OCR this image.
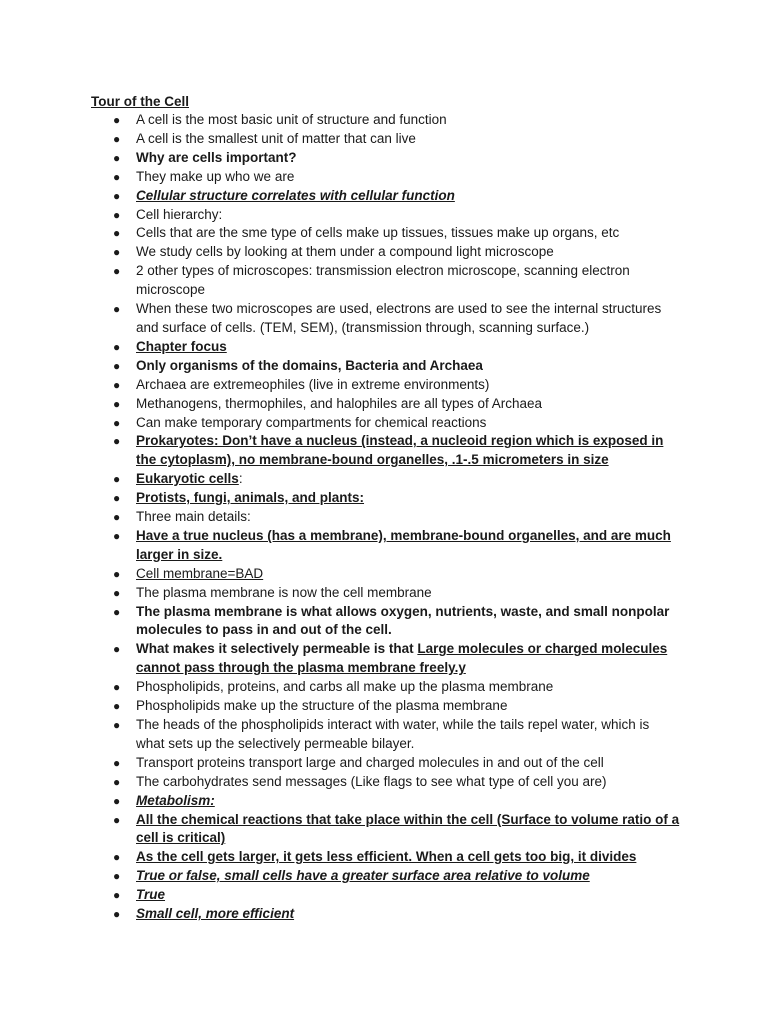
Tour of the Cell

● A cell is the most basic unit of structure and function
● A cell is the smallest unit of matter that can live
● Why are cells important?
● They make up who we are
● Cellular structure correlates with cellular function
● Cell hierarchy:
● Cells that are the sme type of cells make up tissues, tissues make up organs, etc
● We study cells by looking at them under a compound light microscope
● 2 other types of microscopes: transmission electron microscope, scanning electron microscope
● When these two microscopes are used, electrons are used to see the internal structures and surface of cells. (TEM, SEM), (transmission through, scanning surface.)
● Chapter focus
● Only organisms of the domains, Bacteria and Archaea
● Archaea are extremeophiles (live in extreme environments)
● Methanogens, thermophiles, and halophiles are all types of Archaea
● Can make temporary compartments for chemical reactions
● Prokaryotes: Don’t have a nucleus (instead, a nucleoid region which is exposed in the cytoplasm), no membrane-bound organelles, .1-.5 micrometers in size
● Eukaryotic cells:
● Protists, fungi, animals, and plants:
● Three main details:
● Have a true nucleus (has a membrane), membrane-bound organelles, and are much larger in size.
● Cell membrane=BAD
● The plasma membrane is now the cell membrane
● The plasma membrane is what allows oxygen, nutrients, waste, and small nonpolar molecules to pass in and out of the cell.
● What makes it selectively permeable is that Large molecules or charged molecules cannot pass through the plasma membrane freely.y
● Phospholipids, proteins, and carbs all make up the plasma membrane
● Phospholipids make up the structure of the plasma membrane
● The heads of the phospholipids interact with water, while the tails repel water, which is what sets up the selectively permeable bilayer.
● Transport proteins transport large and charged molecules in and out of the cell
● The carbohydrates send messages (Like flags to see what type of cell you are)
● Metabolism:
● All the chemical reactions that take place within the cell (Surface to volume ratio of a cell is critical)
● As the cell gets larger, it gets less efficient. When a cell gets too big, it divides
● True or false, small cells have a greater surface area relative to volume
● True
● Small cell, more efficient
